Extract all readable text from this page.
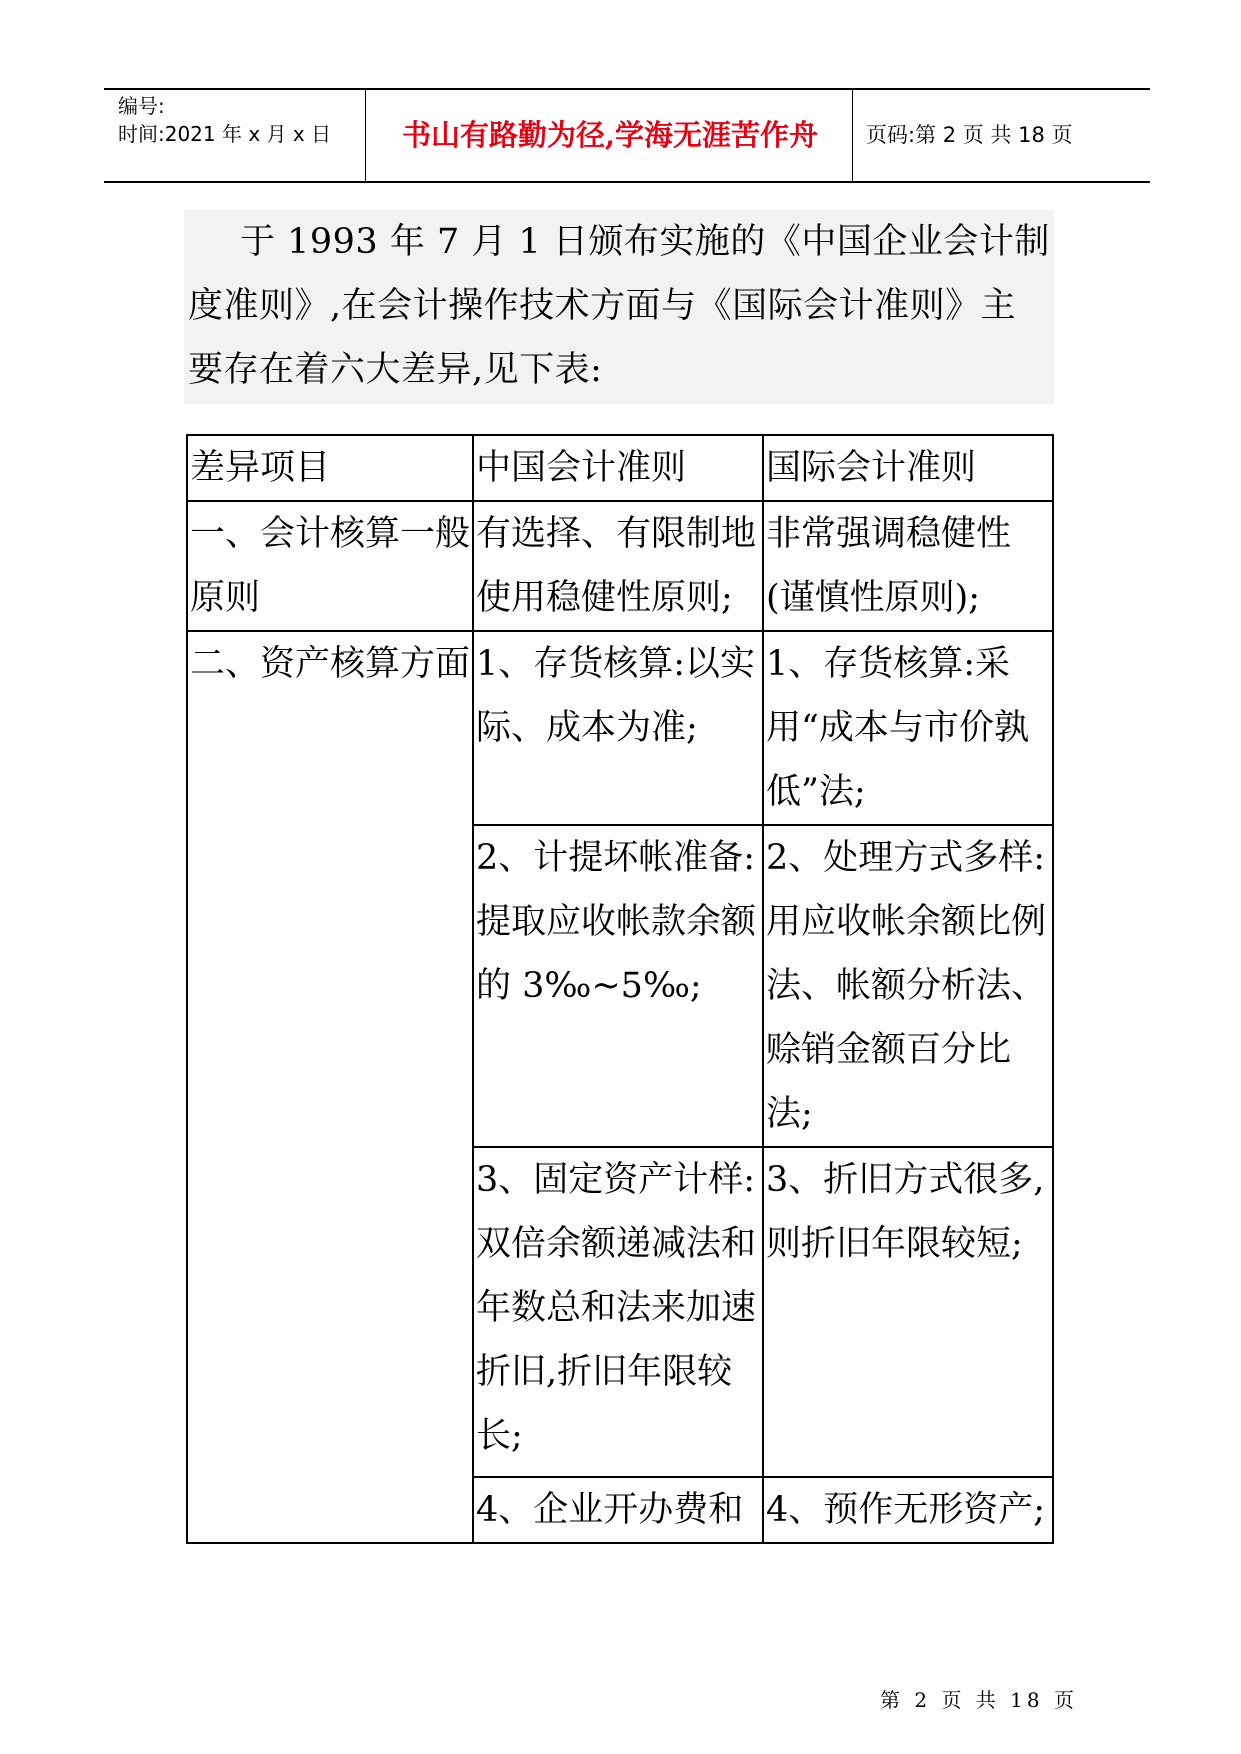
编号:
时间:2021 年 x 月 x 日	书山有路勤为径,学海无涯苦作舟	页码:第 2 页 共 18 页
于 1993 年 7 月 1 日颁布实施的《中国企业会计制度准则》,在会计操作技术方面与《国际会计准则》主要存在着六大差异,见下表:
差异项目	中国会计准则	国际会计准则
一、会计核算一般原则	有选择、有限制地使用稳健性原则;	非常强调稳健性(谨慎性原则);
二、资产核算方面	1、存货核算:以实际、成本为准;	1、存货核算:采用“成本与市价孰低”法;
	2、计提坏帐准备:提取应收帐款余额的 3‰~5‰;	2、处理方式多样:用应收帐余额比例法、帐额分析法、赊销金额百分比法;
	3、固定资产计样:双倍余额递减法和年数总和法来加速折旧,折旧年限较长;	3、折旧方式很多,则折旧年限较短;
	4、企业开办费和	4、预作无形资产;
第 2 页 共 18 页
